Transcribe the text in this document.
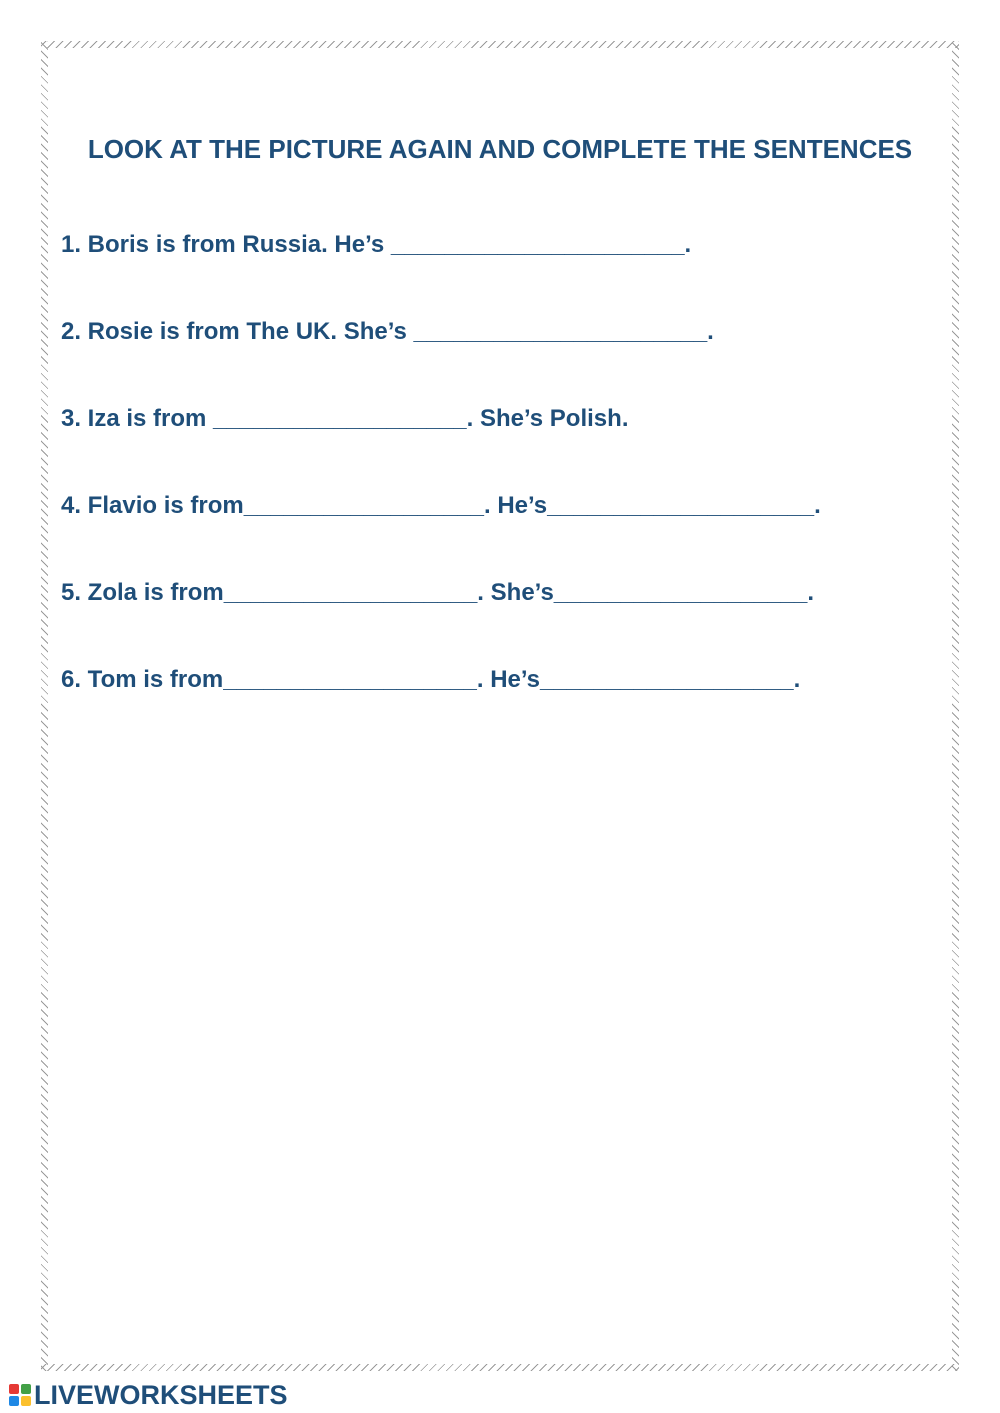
LOOK AT THE PICTURE AGAIN AND COMPLETE THE SENTENCES
1. Boris is from Russia. He’s ______________________.
2. Rosie is from The UK. She’s ______________________.
3. Iza is from ___________________. She’s Polish.
4. Flavio is from__________________. He’s____________________.
5. Zola is from___________________. She’s___________________.
6. Tom is from___________________. He’s___________________.
LIVEWORKSHEETS
